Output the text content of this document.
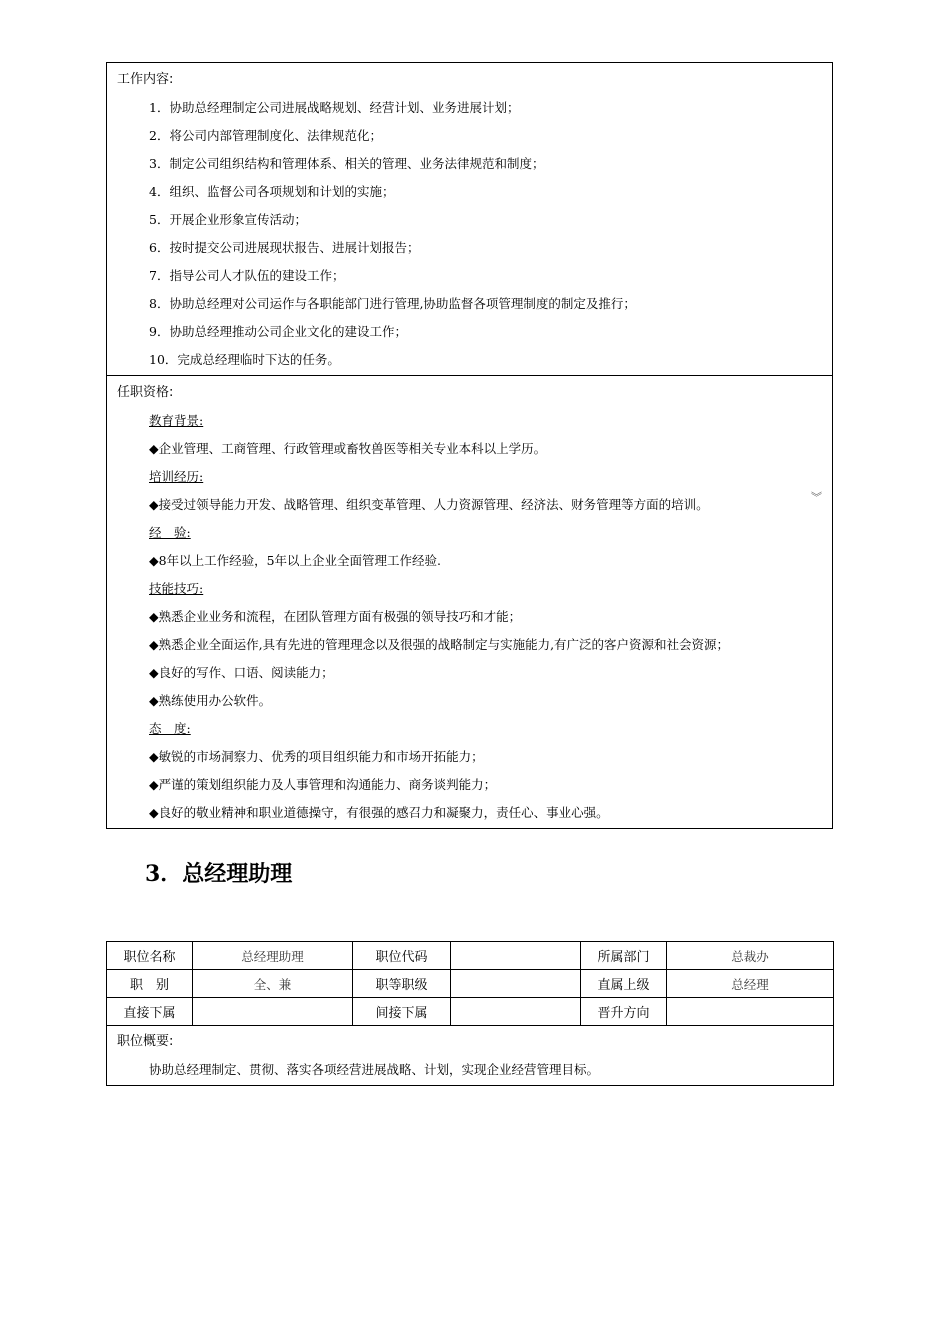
工作内容:
1．协助总经理制定公司进展战略规划、经营计划、业务进展计划；
2．将公司内部管理制度化、法律规范化；
3．制定公司组织结构和管理体系、相关的管理、业务法律规范和制度；
4．组织、监督公司各项规划和计划的实施；
5．开展企业形象宣传活动；
6．按时提交公司进展现状报告、进展计划报告；
7．指导公司人才队伍的建设工作；
8．协助总经理对公司运作与各职能部门进行管理,协助监督各项管理制度的制定及推行；
9．协助总经理推动公司企业文化的建设工作；
10．完成总经理临时下达的任务。
任职资格:
教育背景:
◆企业管理、工商管理、行政管理或畜牧兽医等相关专业本科以上学历。
培训经历:
◆接受过领导能力开发、战略管理、组织变革管理、人力资源管理、经济法、财务管理等方面的培训。	︾
经　验:
◆8年以上工作经验，5年以上企业全面管理工作经验.
技能技巧:
◆熟悉企业业务和流程，在团队管理方面有极强的领导技巧和才能；
◆熟悉企业全面运作,具有先进的管理理念以及很强的战略制定与实施能力,有广泛的客户资源和社会资源；
◆良好的写作、口语、阅读能力；
◆熟练使用办公软件。
态　度:
◆敏锐的市场洞察力、优秀的项目组织能力和市场开拓能力；
◆严谨的策划组织能力及人事管理和沟通能力、商务谈判能力；
◆良好的敬业精神和职业道德操守，有很强的感召力和凝聚力，责任心、事业心强。
3．总经理助理
职位名称	总经理助理	职位代码		所属部门	总裁办
职　别	全、兼	职等职级		直属上级	总经理
直接下属		间接下属		晋升方向	

职位概要:
协助总经理制定、贯彻、落实各项经营进展战略、计划，实现企业经营管理目标。					
